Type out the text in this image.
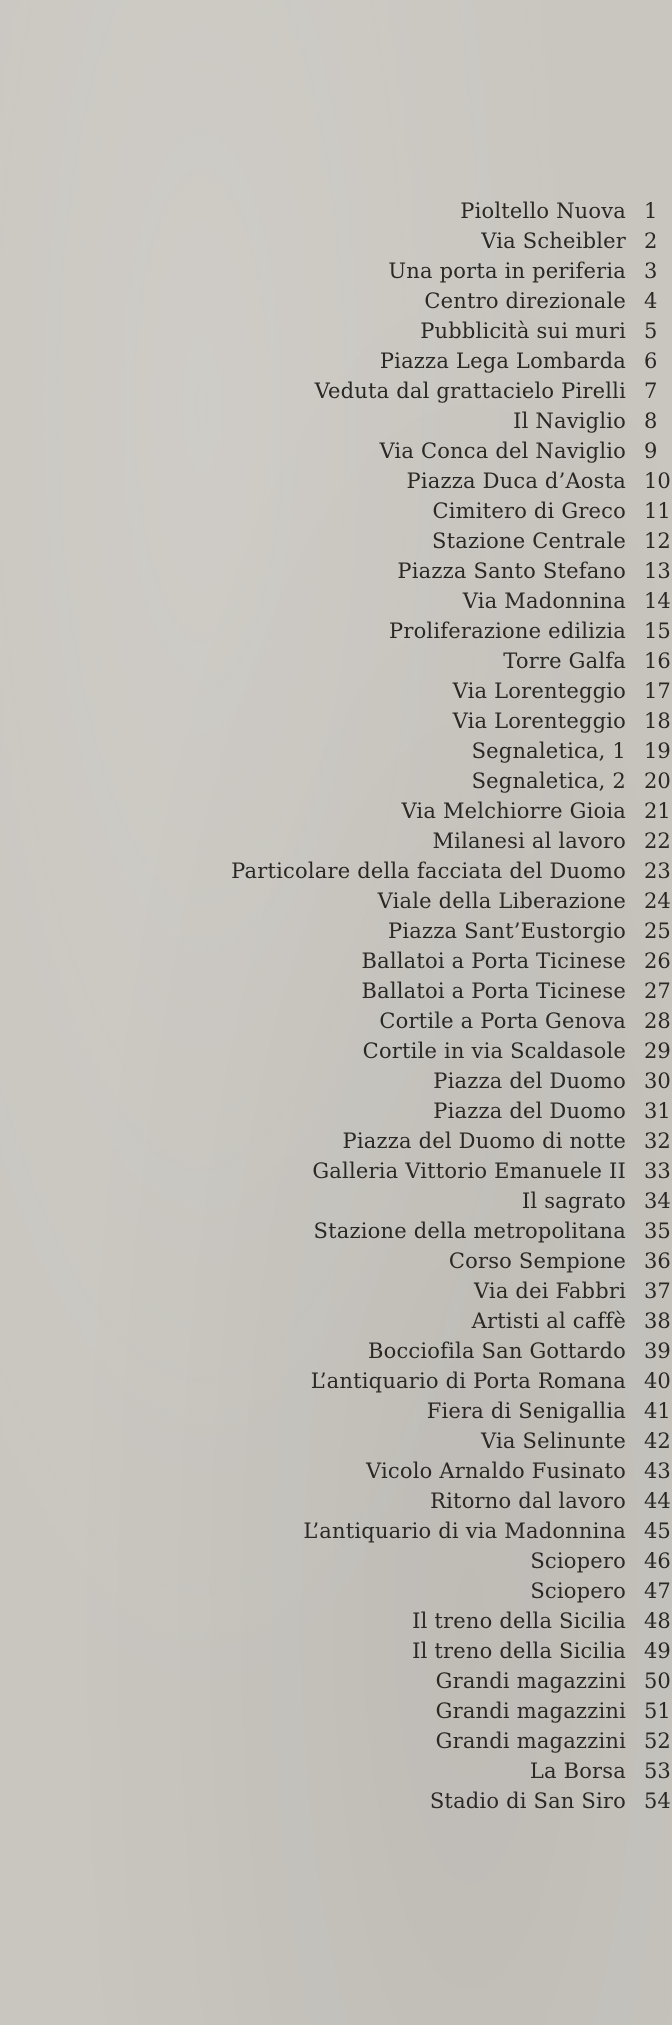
Pioltello Nuova 1
Via Scheibler 2
Una porta in periferia 3
Centro direzionale 4
Pubblicità sui muri 5
Piazza Lega Lombarda 6
Veduta dal grattacielo Pirelli 7
Il Naviglio 8
Via Conca del Naviglio 9
Piazza Duca d’Aosta 10
Cimitero di Greco 11
Stazione Centrale 12
Piazza Santo Stefano 13
Via Madonnina 14
Proliferazione edilizia 15
Torre Galfa 16
Via Lorenteggio 17
Via Lorenteggio 18
Segnaletica, 1 19
Segnaletica, 2 20
Via Melchiorre Gioia 21
Milanesi al lavoro 22
Particolare della facciata del Duomo 23
Viale della Liberazione 24
Piazza Sant’Eustorgio 25
Ballatoi a Porta Ticinese 26
Ballatoi a Porta Ticinese 27
Cortile a Porta Genova 28
Cortile in via Scaldasole 29
Piazza del Duomo 30
Piazza del Duomo 31
Piazza del Duomo di notte 32
Galleria Vittorio Emanuele II 33
Il sagrato 34
Stazione della metropolitana 35
Corso Sempione 36
Via dei Fabbri 37
Artisti al caffè 38
Bocciofila San Gottardo 39
L’antiquario di Porta Romana 40
Fiera di Senigallia 41
Via Selinunte 42
Vicolo Arnaldo Fusinato 43
Ritorno dal lavoro 44
L’antiquario di via Madonnina 45
Sciopero 46
Sciopero 47
Il treno della Sicilia 48
Il treno della Sicilia 49
Grandi magazzini 50
Grandi magazzini 51
Grandi magazzini 52
La Borsa 53
Stadio di San Siro 54
